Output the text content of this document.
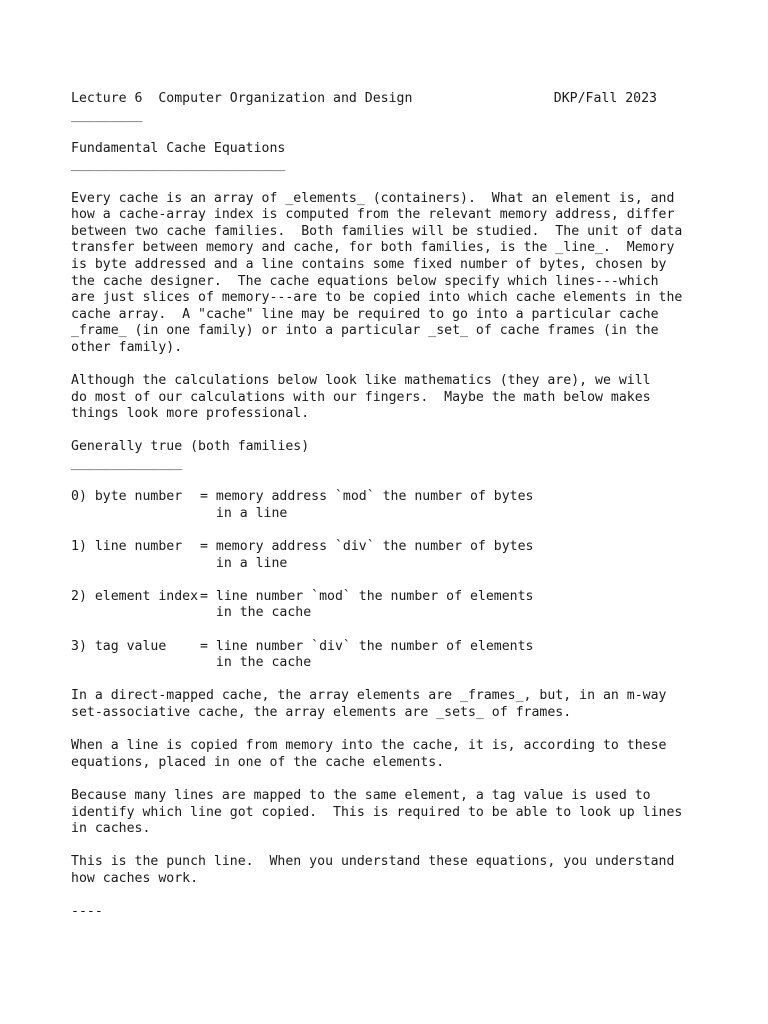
Lecture 6  Computer Organization and Design	DKP/Fall 2023
_________
Fundamental Cache Equations
___________________________

Every cache is an array of _elements_ (containers).  What an element is, and
how a cache-array index is computed from the relevant memory address, differ
between two cache families.  Both families will be studied.  The unit of data
transfer between memory and cache, for both families, is the _line_.  Memory
is byte addressed and a line contains some fixed number of bytes, chosen by
the cache designer.  The cache equations below specify which lines---which
are just slices of memory---are to be copied into which cache elements in the
cache array.  A "cache" line may be required to go into a particular cache
_frame_ (in one family) or into a particular _set_ of cache frames (in the
other family).

Although the calculations below look like mathematics (they are), we will
do most of our calculations with our fingers.  Maybe the math below makes
things look more professional.

Generally true (both families)
______________
0) byte number
= memory address `mod` the number of bytes
in a line
1) line number
= memory address `div` the number of bytes
in a line
2) element index
= line number `mod` the number of elements
in the cache
3) tag value
= line number `div` the number of elements
in the cache

In a direct-mapped cache, the array elements are _frames_, but, in an m-way
set-associative cache, the array elements are _sets_ of frames.

When a line is copied from memory into the cache, it is, according to these
equations, placed in one of the cache elements.

Because many lines are mapped to the same element, a tag value is used to
identify which line got copied.  This is required to be able to look up lines
in caches.

This is the punch line.  When you understand these equations, you understand
how caches work.

----
